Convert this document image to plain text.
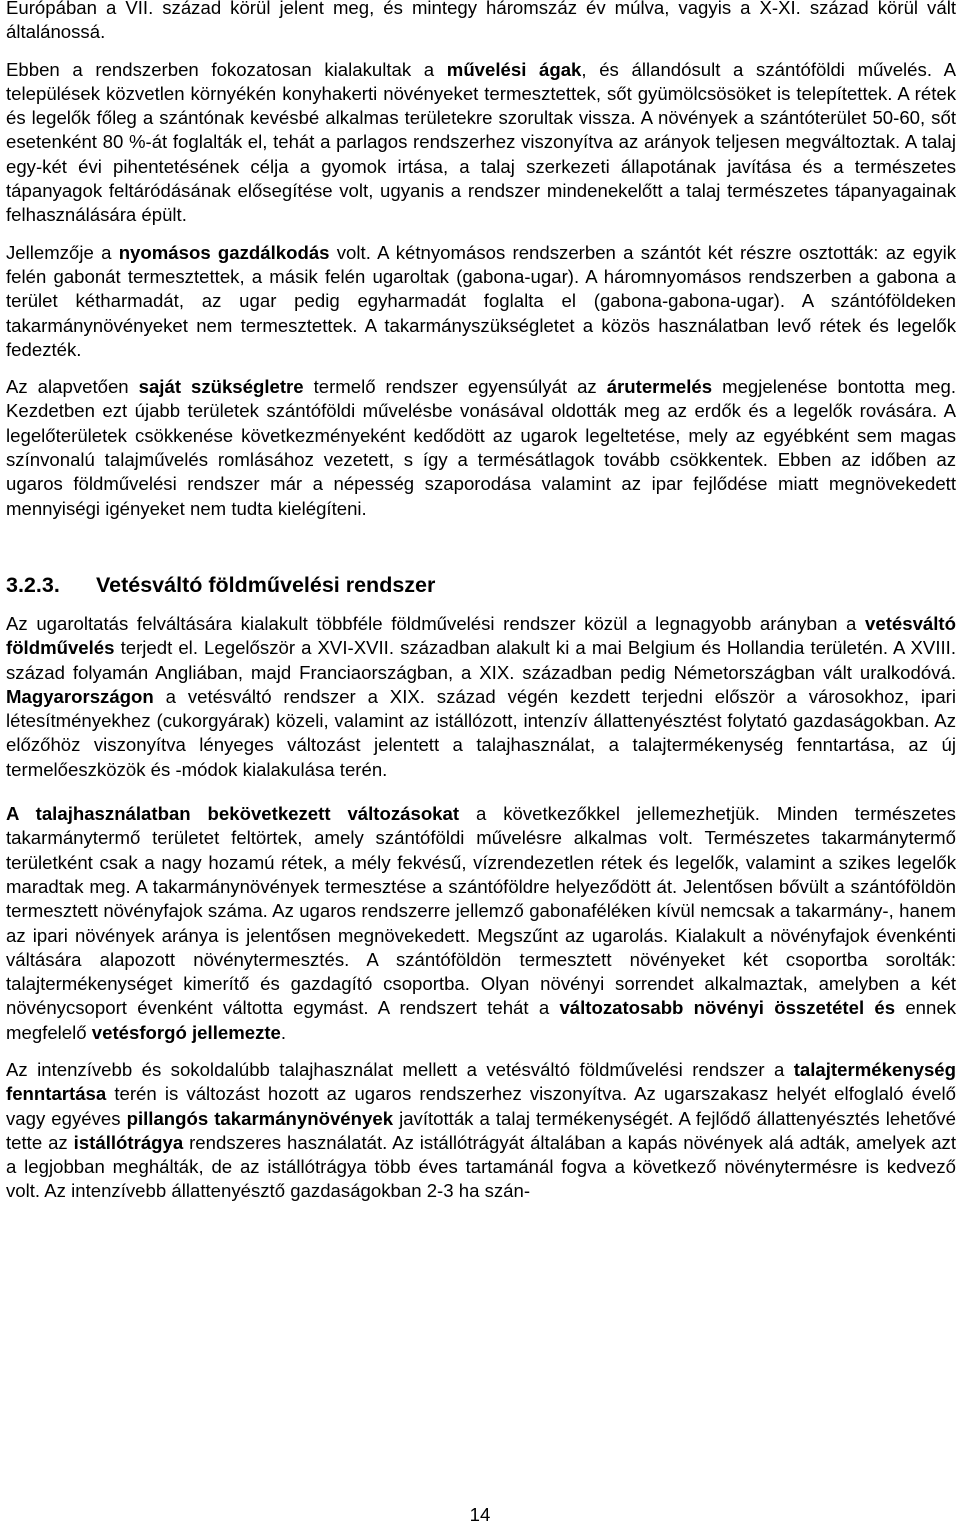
Európában a VII. század körül jelent meg, és mintegy háromszáz év múlva, vagyis a X-XI. század körül vált általánossá.

Ebben a rendszerben fokozatosan kialakultak a művelési ágak, és állandósult a szántóföldi művelés. A települések közvetlen környékén konyhakerti növényeket termesztettek, sőt gyümölcsösöket is telepítettek. A rétek és legelők főleg a szántónak kevésbé alkalmas területekre szorultak vissza. A növények a szántóterület 50-60, sőt esetenként 80 %-át foglalták el, tehát a parlagos rendszerhez viszonyítva az arányok teljesen megváltoztak. A talaj egy-két évi pihentetésének célja a gyomok irtása, a talaj szerkezeti állapotának javítása és a természetes tápanyagok feltáródásának elősegítése volt, ugyanis a rendszer mindenekelőtt a talaj természetes tápanyagainak felhasználására épült.

Jellemzője a nyomásos gazdálkodás volt. A kétnyomásos rendszerben a szántót két részre osztották: az egyik felén gabonát termesztettek, a másik felén ugaroltak (gabona-ugar). A háromnyomásos rendszerben a gabona a terület kétharmadát, az ugar pedig egyharmadát foglalta el (gabona-gabona-ugar). A szántóföldeken takarmánynövényeket nem termesztettek. A takarmányszükségletet a közös használatban levő rétek és legelők fedezték.

Az alapvetően saját szükségletre termelő rendszer egyensúlyát az árutermelés megjelenése bontotta meg. Kezdetben ezt újabb területek szántóföldi művelésbe vonásával oldották meg az erdők és a legelők rovására. A legelőterületek csökkenése következményeként kedődött az ugarok legeltetése, mely az egyébként sem magas színvonalú talajművelés romlásához vezetett, s így a termésátlagok tovább csökkentek. Ebben az időben az ugaros földművelési rendszer már a népesség szaporodása valamint az ipar fejlődése miatt megnövekedett mennyiségi igényeket nem tudta kielégíteni.

3.2.3.	Vetésváltó földművelési rendszer

Az ugaroltatás felváltására kialakult többféle földművelési rendszer közül a legnagyobb arányban a vetésváltó földművelés terjedt el. Legelőször a XVI-XVII. században alakult ki a mai Belgium és Hollandia területén. A XVIII. század folyamán Angliában, majd Franciaországban, a XIX. században pedig Németországban vált uralkodóvá. Magyarországon a vetésváltó rendszer a XIX. század végén kezdett terjedni először a városokhoz, ipari létesítményekhez (cukorgyárak) közeli, valamint az istállózott, intenzív állattenyésztést folytató gazdaságokban. Az előzőhöz viszonyítva lényeges változást jelentett a talajhasználat, a talajtermékenység fenntartása, az új termelőeszközök és -módok kialakulása terén.

A talajhasználatban bekövetkezett változásokat a következőkkel jellemezhetjük. Minden természetes takarmánytermő területet feltörtek, amely szántóföldi művelésre alkalmas volt. Természetes takarmánytermő területként csak a nagy hozamú rétek, a mély fekvésű, vízrendezetlen rétek és legelők, valamint a szikes legelők maradtak meg. A takarmánynövények termesztése a szántóföldre helyeződött át. Jelentősen bővült a szántóföldön termesztett növényfajok száma. Az ugaros rendszerre jellemző gabonaféléken kívül nemcsak a takarmány-, hanem az ipari növények aránya is jelentősen megnövekedett. Megszűnt az ugarolás. Kialakult a növényfajok évenkénti váltására alapozott növénytermesztés. A szántóföldön termesztett növényeket két csoportba sorolták: talajtermékenységet kimerítő és gazdagító csoportba. Olyan növényi sorrendet alkalmaztak, amelyben a két növénycsoport évenként váltotta egymást. A rendszert tehát a változatosabb növényi összetétel és ennek megfelelő vetésforgó jellemezte.

Az intenzívebb és sokoldalúbb talajhasználat mellett a vetésváltó földművelési rendszer a talajtermékenység fenntartása terén is változást hozott az ugaros rendszerhez viszonyítva. Az ugarszakasz helyét elfoglaló évelő vagy egyéves pillangós takarmánynövények javították a talaj termékenységét. A fejlődő állattenyésztés lehetővé tette az istállótrágya rendszeres használatát. Az istállótrágyát általában a kapás növények alá adták, amelyek azt a legjobban meghálták, de az istállótrágya több éves tartamánál fogva a következő növénytermésre is kedvező volt. Az intenzívebb állattenyésztő gazdaságokban 2-3 ha szán-

14
